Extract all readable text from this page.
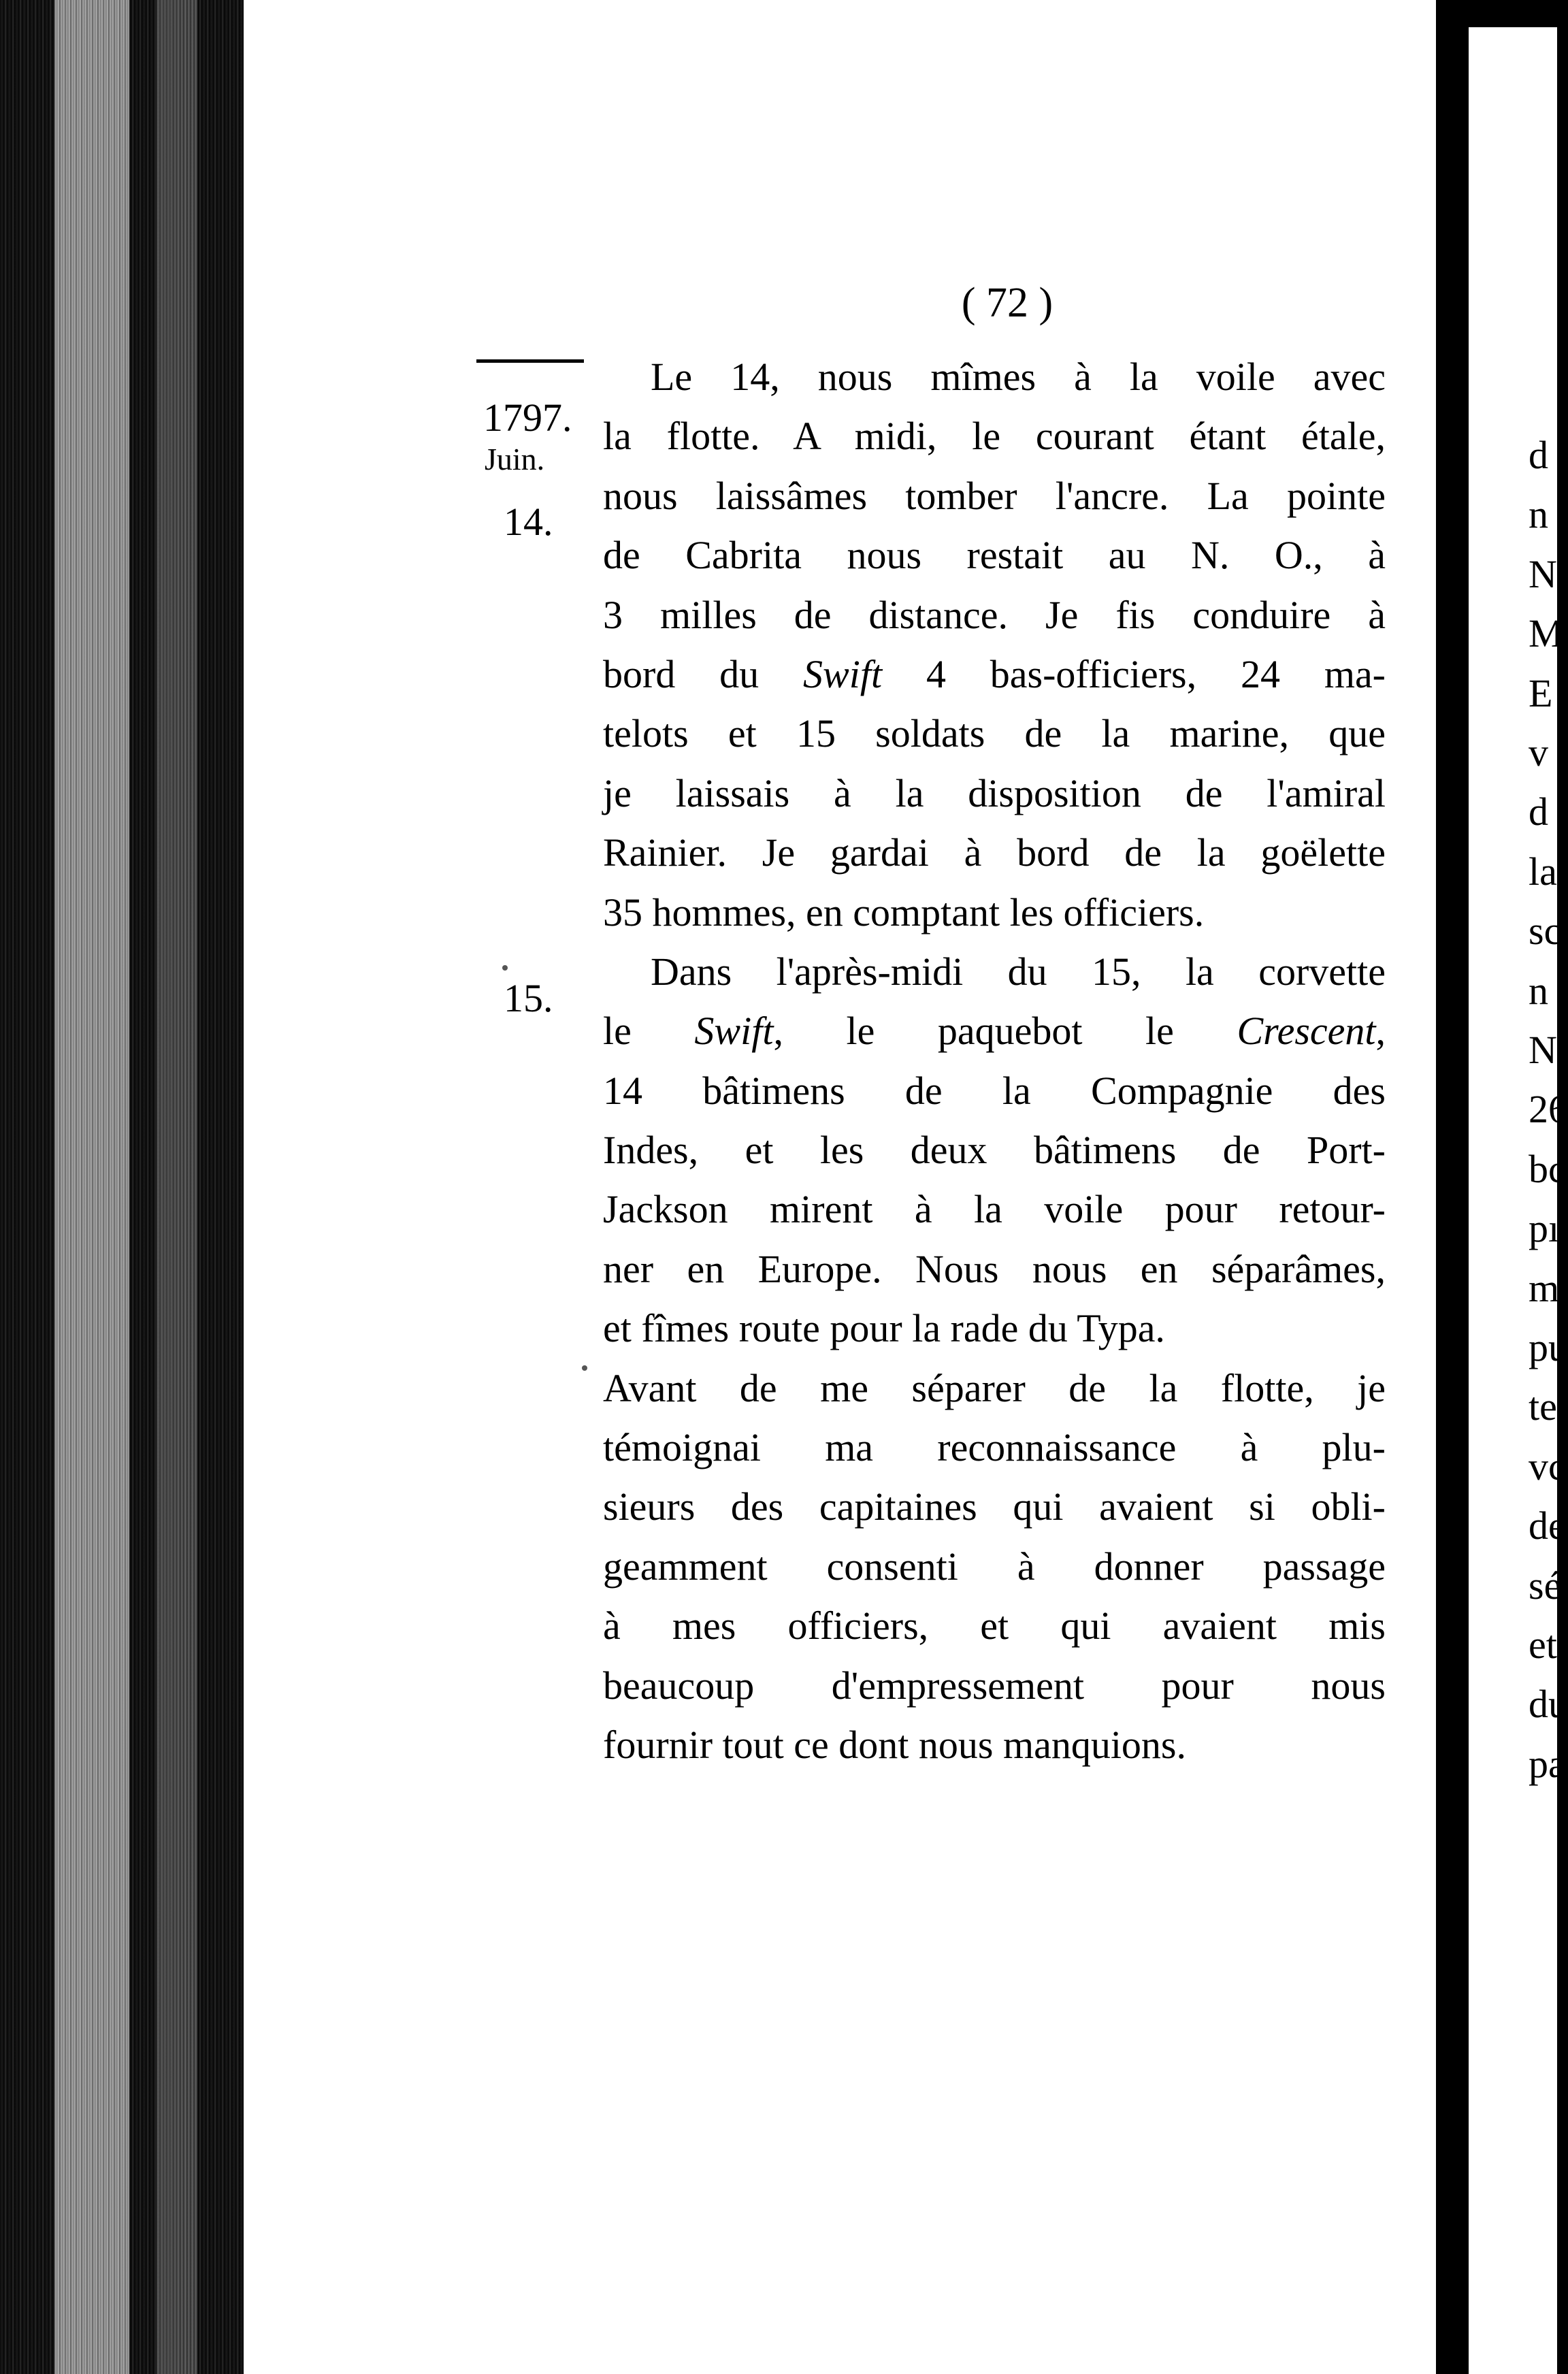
( 72 )
1797.
Juin.
14.
15.
Le 14, nous mîmes à la voile avec
la flotte. A midi, le courant étant étale,
nous laissâmes tomber l'ancre. La pointe
de Cabrita nous restait au N. O., à
3 milles de distance. Je fis conduire à
bord du Swift 4 bas-officiers, 24 ma-
telots et 15 soldats de la marine, que
je laissais à la disposition de l'amiral
Rainier. Je gardai à bord de la goëlette
35 hommes, en comptant les officiers.
Dans l'après-midi du 15, la corvette
le Swift, le paquebot le Crescent,
14 bâtimens de la Compagnie des
Indes, et les deux bâtimens de Port-
Jackson mirent à la voile pour retour-
ner en Europe. Nous nous en séparâmes,
et fîmes route pour la rade du Typa.
Avant de me séparer de la flotte, je
témoignai ma reconnaissance à plu-
sieurs des capitaines qui avaient si obli-
geamment consenti à donner passage
à mes officiers, et qui avaient mis
beaucoup d'empressement pour nous
fournir tout ce dont nous manquions.
d
n
N
M
E
v
d
la
sc
n
N
26
bc
pı
m
pu
te
vc
de
sé
et
du
pa
